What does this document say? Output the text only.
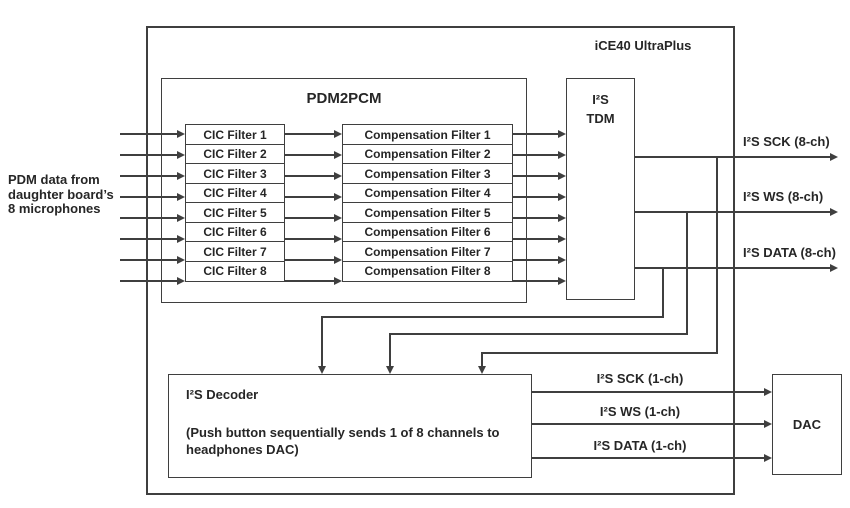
iCE40 UltraPlus
PDM data from
daughter board’s
8 microphones
PDM2PCM
CIC Filter 1
CIC Filter 2
CIC Filter 3
CIC Filter 4
CIC Filter 5
CIC Filter 6
CIC Filter 7
CIC Filter 8
Compensation Filter 1
Compensation Filter 2
Compensation Filter 3
Compensation Filter 4
Compensation Filter 5
Compensation Filter 6
Compensation Filter 7
Compensation Filter 8
I²S
TDM
I²S SCK (8-ch)
I²S WS (8-ch)
I²S DATA (8-ch)
I²S Decoder
(Push button sequentially sends 1 of 8 channels to
headphones DAC)
I²S SCK (1-ch)
I²S WS (1-ch)
I²S DATA (1-ch)
DAC
